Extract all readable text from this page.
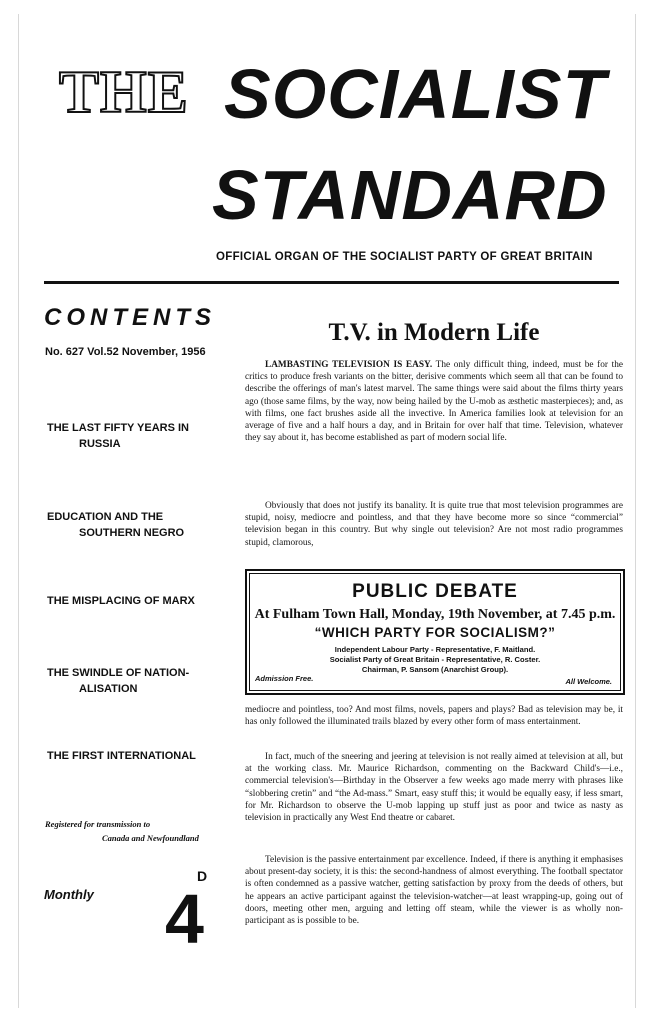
THE SOCIALIST
STANDARD
OFFICIAL ORGAN OF THE SOCIALIST PARTY OF GREAT BRITAIN
CONTENTS
No. 627 Vol.52 November, 1956
THE LAST FIFTY YEARS IN
RUSSIA
EDUCATION AND THE
SOUTHERN NEGRO
THE MISPLACING OF MARX
THE SWINDLE OF NATION-
ALISATION
THE FIRST INTERNATIONAL
Registered for transmission to
Canada and Newfoundland
Monthly
D
4
T.V. in Modern Life
LAMBASTING TELEVISION IS EASY. The only difficult thing, indeed, must be for the critics to produce fresh variants on the bitter, derisive comments which seem all that can be found to describe the offerings of man's latest marvel. The same things were said about the films thirty years ago (those same films, by the way, now being hailed by the U-mob as æsthetic masterpieces); and, as with films, one fact brushes aside all the invective. In America families look at television for an average of five and a half hours a day, and in Britain for over half that time. Television, whatever they say about it, has become established as part of modern social life.
Obviously that does not justify its banality. It is quite true that most television programmes are stupid, noisy, mediocre and pointless, and that they have become more so since “commercial” television began in this country. But why single out television? Are not most radio programmes stupid, clamorous,
PUBLIC DEBATE
At Fulham Town Hall, Monday, 19th November, at 7.45 p.m.
“WHICH PARTY FOR SOCIALISM?”
Independent Labour Party - Representative, F. Maitland.
Socialist Party of Great Britain - Representative, R. Coster.
Chairman, P. Sansom (Anarchist Group).
Admission Free.	All Welcome.
mediocre and pointless, too? And most films, novels, papers and plays? Bad as television may be, it has only followed the illuminated trails blazed by every other form of mass entertainment.
In fact, much of the sneering and jeering at television is not really aimed at television at all, but at the working class. Mr. Maurice Richardson, commenting on the Backward Child's—i.e., commercial television's—Birthday in the Observer a few weeks ago made merry with phrases like “slobbering cretin” and “the Ad-mass.” Smart, easy stuff this; it would be equally easy, if less smart, for Mr. Richardson to observe the U-mob lapping up stuff just as poor and twice as nasty as television in practically any West End theatre or cabaret.
Television is the passive entertainment par excellence. Indeed, if there is anything it emphasises about present-day society, it is this: the second-handness of almost everything. The football spectator is often condemned as a passive watcher, getting satisfaction by proxy from the deeds of others, but he appears an active participant against the television-watcher—at least wrapping-up, going out of doors, meeting other men, arguing and letting off steam, while the viewer is as wholly non-participant as is possible to be.
